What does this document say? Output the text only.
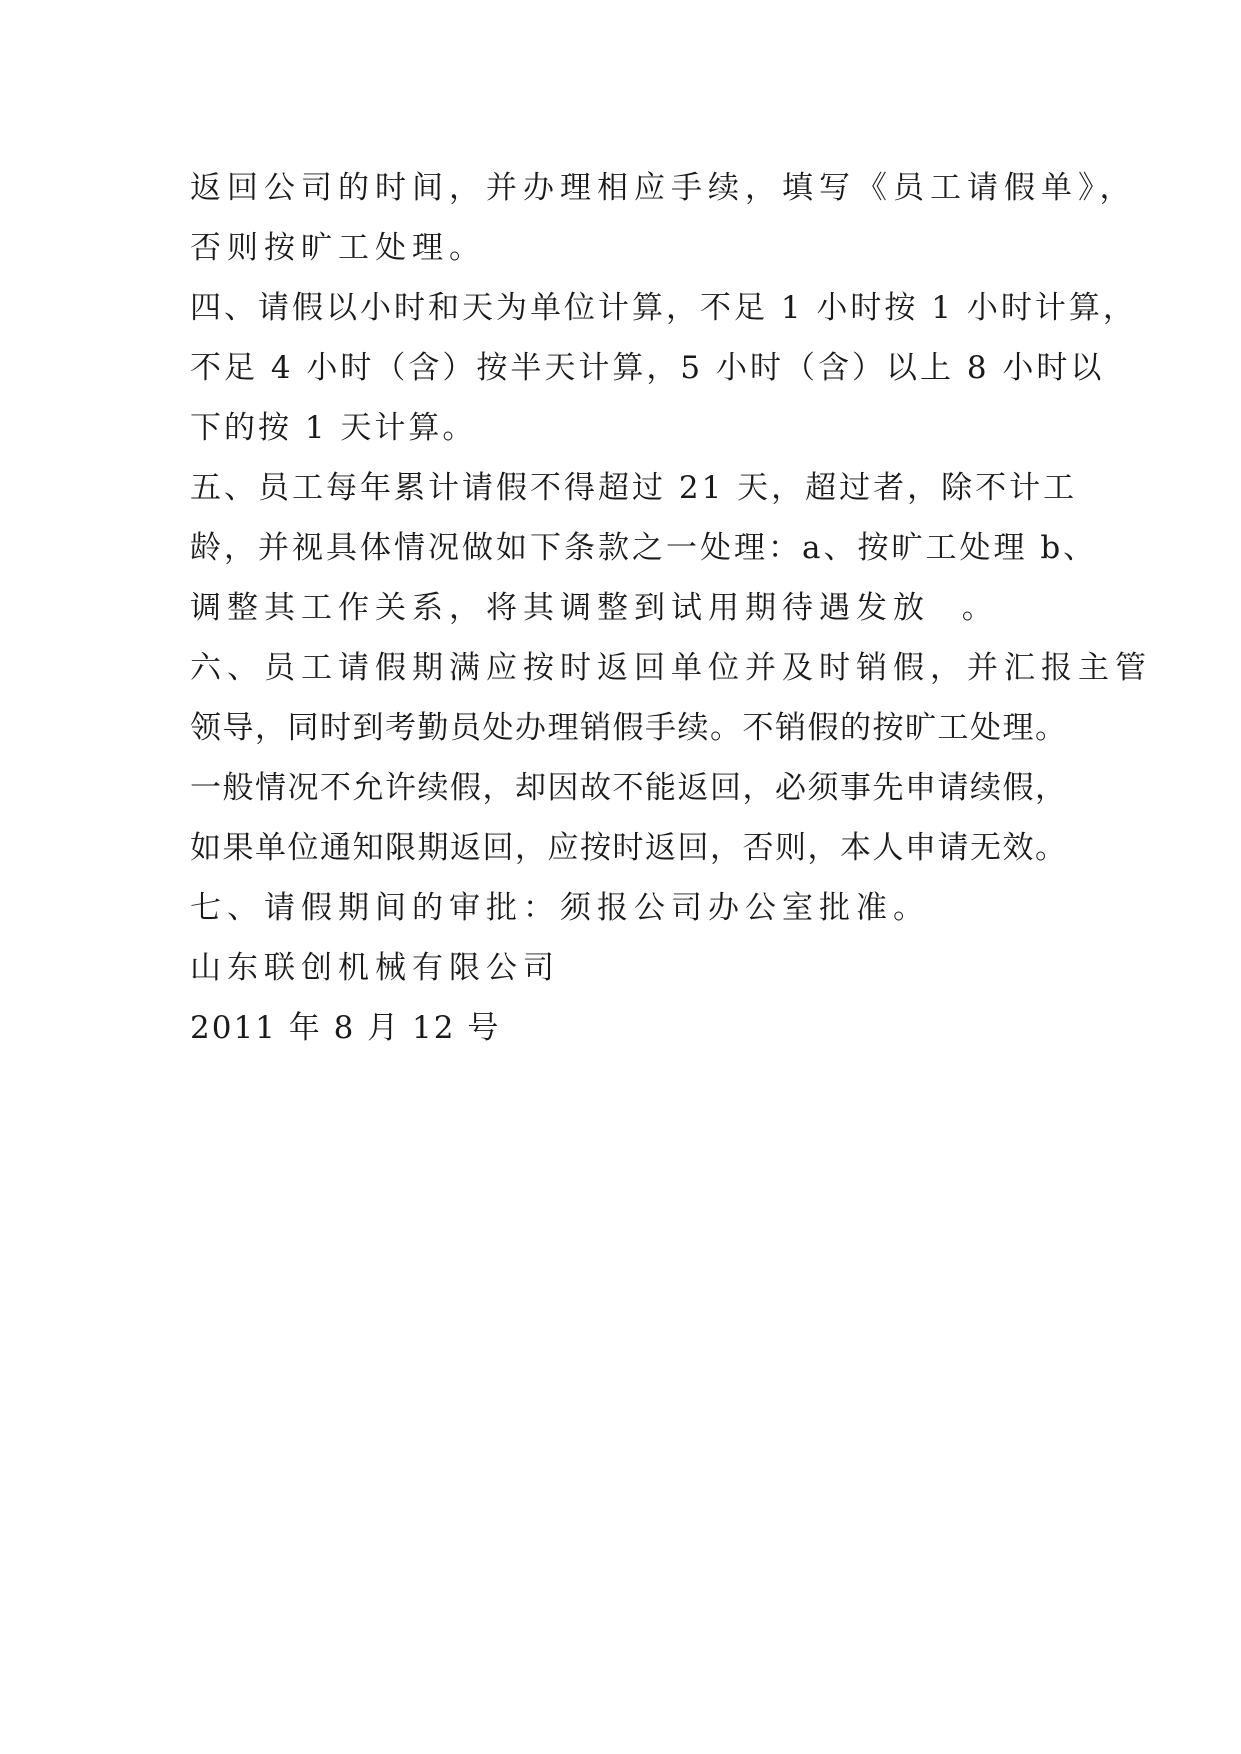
返回公司的时间，并办理相应手续，填写《员工请假单》，
否则按旷工处理。
四、请假以小时和天为单位计算，不足 1 小时按 1 小时计算，
不足 4 小时（含）按半天计算，5 小时（含）以上 8 小时以
下的按 1 天计算。
五、员工每年累计请假不得超过 21 天，超过者，除不计工
龄，并视具体情况做如下条款之一处理：a、按旷工处理 b、
调整其工作关系，将其调整到试用期待遇发放  。
六、员工请假期满应按时返回单位并及时销假，并汇报主管
领导，同时到考勤员处办理销假手续。不销假的按旷工处理。
一般情况不允许续假，却因故不能返回，必须事先申请续假，
如果单位通知限期返回，应按时返回，否则，本人申请无效。
七、请假期间的审批：须报公司办公室批准。
山东联创机械有限公司
2011 年 8 月 12 号
